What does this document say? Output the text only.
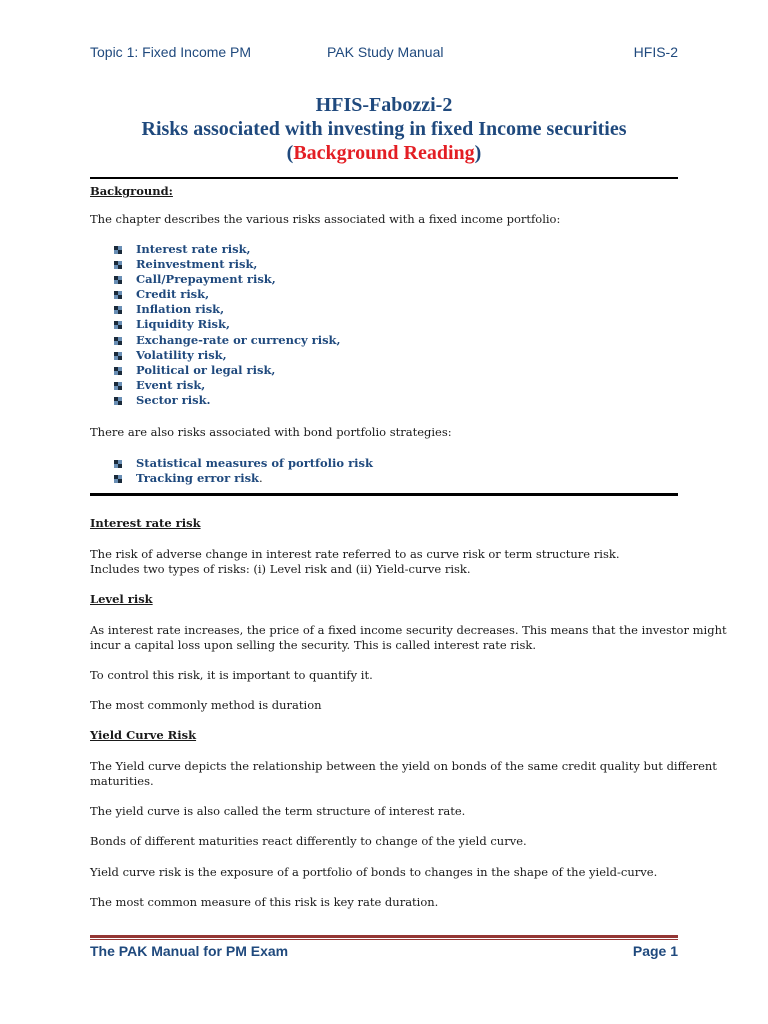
Topic 1: Fixed Income PM	PAK Study Manual	HFIS-2
HFIS-Fabozzi-2
Risks associated with investing in fixed Income securities
(Background Reading)
Background:
The chapter describes the various risks associated with a fixed income portfolio:
Interest rate risk,
Reinvestment risk,
Call/Prepayment risk,
Credit risk,
Inflation risk,
Liquidity Risk,
Exchange-rate or currency risk,
Volatility risk,
Political or legal risk,
Event risk,
Sector risk.
There are also risks associated with bond portfolio strategies:
Statistical measures of portfolio risk
Tracking error risk.
Interest rate risk
The risk of adverse change in interest rate referred to as curve risk or term structure risk.
Includes two types of risks: (i) Level risk and (ii) Yield-curve risk.
Level risk
As interest rate increases, the price of a fixed income security decreases. This means that the investor might
incur a capital loss upon selling the security. This is called interest rate risk.
To control this risk, it is important to quantify it.
The most commonly method is duration
Yield Curve Risk
The Yield curve depicts the relationship between the yield on bonds of the same credit quality but different
maturities.
The yield curve is also called the term structure of interest rate.
Bonds of different maturities react differently to change of the yield curve.
Yield curve risk is the exposure of a portfolio of bonds to changes in the shape of the yield-curve.
The most common measure of this risk is key rate duration.
The PAK Manual for PM Exam	Page 1
